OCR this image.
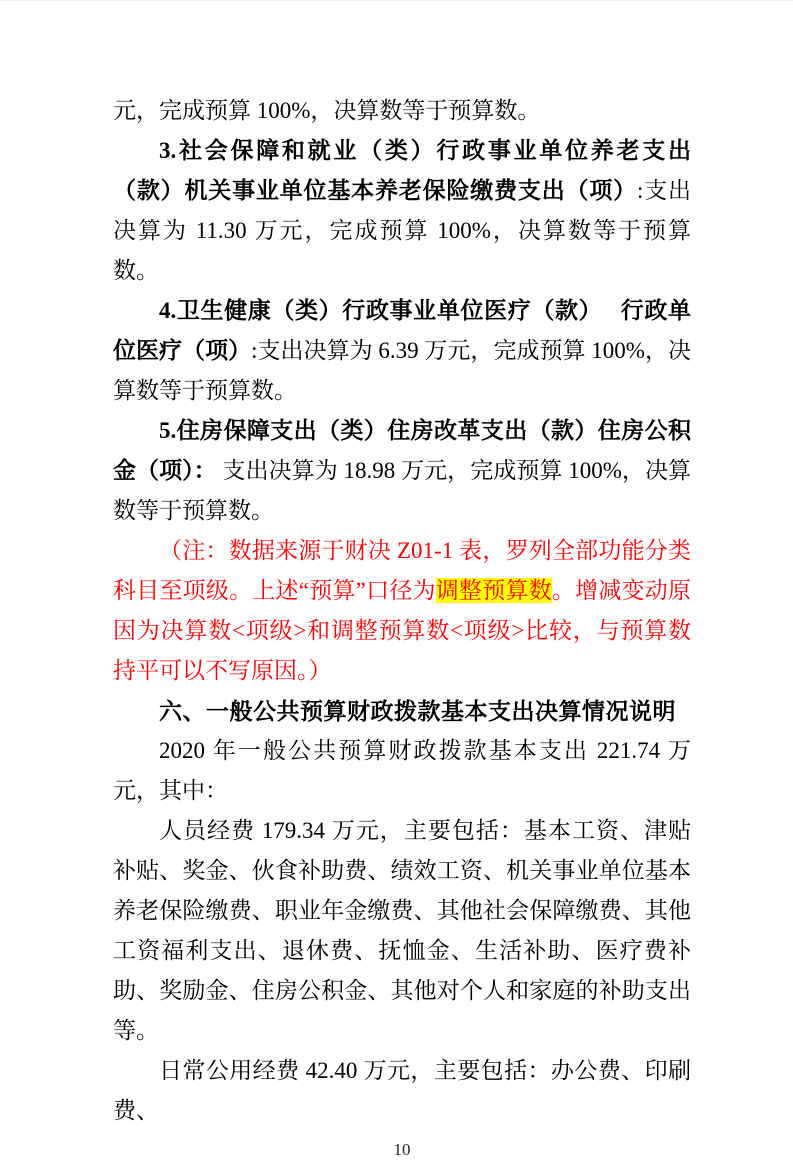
元，完成预算 100%，决算数等于预算数。

3.社会保障和就业（类）行政事业单位养老支出（款）机关事业单位基本养老保险缴费支出（项）:支出决算为 11.30 万元，完成预算 100%，决算数等于预算数。

4.卫生健康（类）行政事业单位医疗（款）　 行政单位医疗（项）:支出决算为 6.39 万元，完成预算 100%，决算数等于预算数。

5.住房保障支出（类）住房改革支出（款）住房公积金（项）： 支出决算为 18.98 万元，完成预算 100%，决算数等于预算数。

（注：数据来源于财决 Z01-1 表，罗列全部功能分类科目至项级。上述“预算”口径为调整预算数。增减变动原因为决算数<项级>和调整预算数<项级>比较，与预算数持平可以不写原因。）

六、一般公共预算财政拨款基本支出决算情况说明

2020 年一般公共预算财政拨款基本支出 221.74 万元，其中：

人员经费 179.34 万元，主要包括：基本工资、津贴补贴、奖金、伙食补助费、绩效工资、机关事业单位基本养老保险缴费、职业年金缴费、其他社会保障缴费、其他工资福利支出、退休费、抚恤金、生活补助、医疗费补助、奖励金、住房公积金、其他对个人和家庭的补助支出等。

日常公用经费 42.40 万元，主要包括：办公费、印刷费、

10
